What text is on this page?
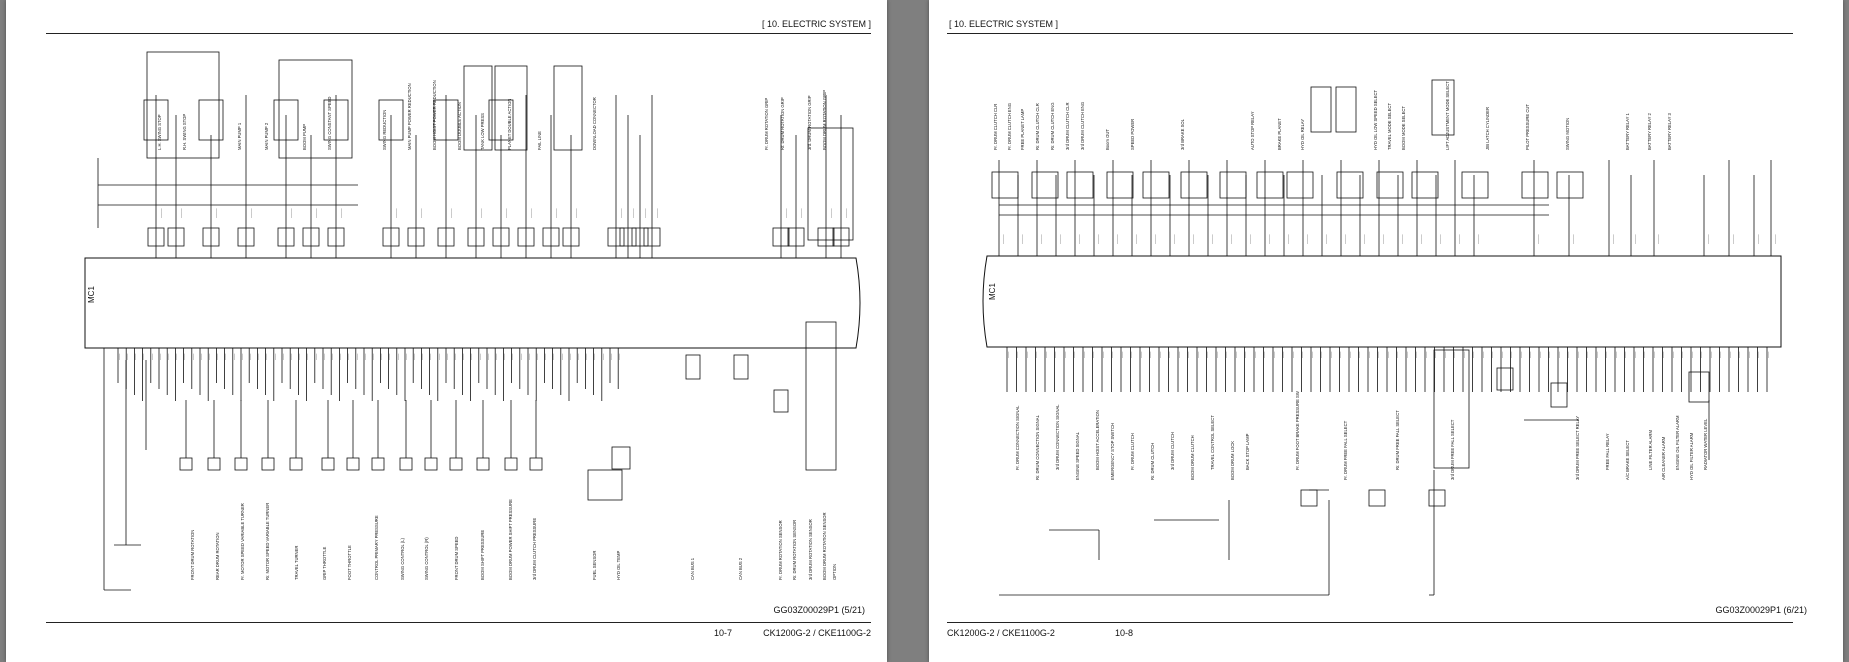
[ 10. ELECTRIC SYSTEM ]
MC1
———	———	———	———	———	———	———	———	———	———	———	———	———	———	———	———	———	———	———	———	———	———	———
L.H. SWING STOP	R.H. SWING STOP	MAIN PUMP 1	MAIN PUMP 2	BOOM PUMP	SWING CONSTANT SPEED	SWING REDUCTION	MAIN PUMP POWER REDUCTION	BOOM HOIST POWER REDUCTION	BOOM DOUBLE ACTION	TANK LOW PRESS	PLANET DOUBLE ACTION	FAIL LINE	DOWNLOAD CONNECTOR	Fr. DRUM ROTATION GRIP	Rr. DRUM ROTATION GRIP	3rd. DRUM ROTATION GRIP BOOM DRUM ROTATION GRIP
—— —— —— —— —— —— —— —— —— —— —— —— —— —— —— —— —— —— —— —— —— —— —— —— —— —— —— —— —— —— —— —— —— —— —— —— —— —— —— —— —— —— —— —— —— —— —— —— —— —— —— —— —— —— —— —— —— —— —— —— —— ——
FRONT DRUM ROTATION	REAR DRUM ROTATION	Fr. MOTOR SPEED VARIABLE TURNER	Rr. MOTOR SPEED VARIABLE TURNER	TRAVEL TURNER	GRIP THROTTLE	FOOT THROTTLE	CONTROL PRIMARY PRESSURE	SWING CONTROL (L)	SWING CONTROL (R)	FRONT DRUM SPEED	BOOM SHIFT PRESSURE	BOOM DRUM POWER SHIFT PRESSURE	3rd DRUM CLUTCH PRESSURE	FUEL SENSOR	HYD OIL TEMP	CAN BUS 1	CAN BUS 2	Fr. DRUM ROTATION SENSOR Rr. DRUM ROTATION SENSOR	3rd DRUM ROTATION SENSOR BOOM DRUM ROTATION SENSOR OPTION
GG03Z00029P1 (5/21)
10-7	CK1200G-2 / CKE1100G-2
[ 10. ELECTRIC SYSTEM ]
MC1
———	———	———	———	———	———	———	———	———	———	———	———	———	———	———	———	———	———	———	———	———	———	———	———	———	———	———	———	———	———	———	———	———	———	———
Fr. DRUM CLUTCH CLR Fr. DRUM CLUTCH ENG FREE PLANET LAMP Rr. DRUM CLUTCH CLR Rr. DRUM CLUTCH ENG 3rd DRUM CLUTCH CLR 3rd DRUM CLUTCH ENG	Boom OUT	SPEED POWER	3rd BRAKE SOL	AUTO STOP RELAY	BRAKE PLANET	HYD OIL RELAY	HYD OIL LOW SPEED SELECT TRAVEL MODE SELECT BOOM MODE SELECT	LIFT ADJUSTMENT MODE SELECT	JIB LATCH CYLINDER	PILOT PRESSURE CUT	SWING MOTION	BATTERY RELAY 1	BATTERY RELAY 2	BATTERY RELAY 3
—— —— —— —— —— —— —— —— —— —— —— —— —— —— —— —— —— —— —— —— —— —— —— —— —— —— —— —— —— —— —— —— —— —— —— —— —— —— —— —— —— —— —— —— —— —— —— —— —— —— —— —— —— —— —— —— —— —— —— —— —— —— —— —— —— —— —— —— —— —— —— —— —— —— —— —— —— —— —— —— ——
Fr. DRUM CONNECTION SIGNAL	Rr. DRUM CONNECTION SIGNAL	3rd DRUM CONNECTION SIGNAL	ENGINE SPEED SIGNAL	BOOM HOIST ACCELERATION EMERGENCY STOP SWITCH	Fr. DRUM CLUTCH	Rr. DRUM CLUTCH	3rd DRUM CLUTCH	BOOM DRUM CLUTCH	TRAVEL CONTROL SELECT	BOOM DRUM LOCK BACK STOP LAMP	Fr. DRUM FREE FALL SELECT	Rr. DRUM FREE FALL SELECT	3rd DRUM FREE FALL SELECT
Fr. DRUM FOOT BRAKE PRESSURE SW	3rd DRUM FREE SELECT RELAY	FREE FALL RELAY	A/C BRAKE SELECT	LINE FILTER ALARM AIR CLEANER ALARM ENGINE OIL FILTER ALARM HYD OIL FILTER ALARM RADIATOR WATER LEVEL
GG03Z00029P1 (6/21)
CK1200G-2 / CKE1100G-2	10-8
